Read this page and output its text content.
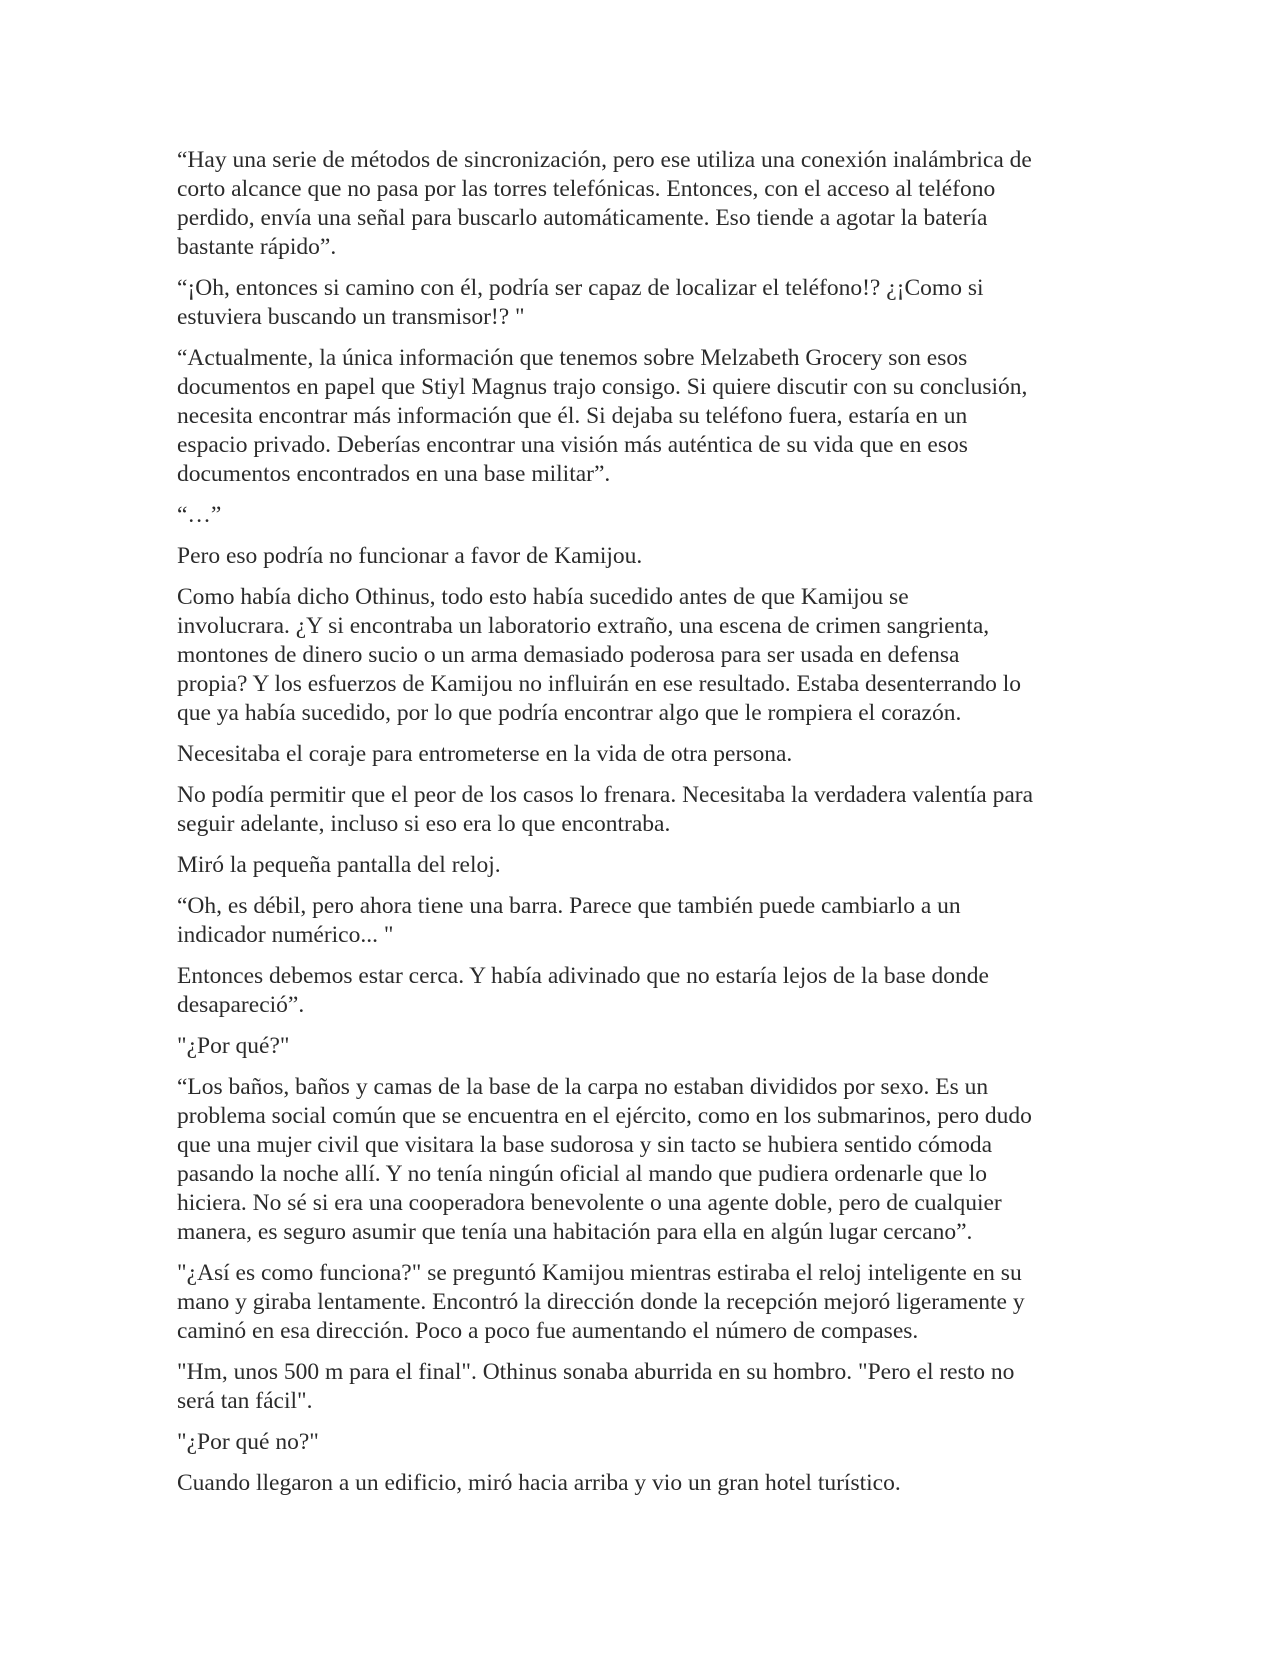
“Hay una serie de métodos de sincronización, pero ese utiliza una conexión inalámbrica de
corto alcance que no pasa por las torres telefónicas. Entonces, con el acceso al teléfono
perdido, envía una señal para buscarlo automáticamente. Eso tiende a agotar la batería
bastante rápido”.

“¡Oh, entonces si camino con él, podría ser capaz de localizar el teléfono!? ¿¡Como si
estuviera buscando un transmisor!? "

“Actualmente, la única información que tenemos sobre Melzabeth Grocery son esos
documentos en papel que Stiyl Magnus trajo consigo. Si quiere discutir con su conclusión,
necesita encontrar más información que él. Si dejaba su teléfono fuera, estaría en un
espacio privado. Deberías encontrar una visión más auténtica de su vida que en esos
documentos encontrados en una base militar”.

“…”

Pero eso podría no funcionar a favor de Kamijou.

Como había dicho Othinus, todo esto había sucedido antes de que Kamijou se
involucrara. ¿Y si encontraba un laboratorio extraño, una escena de crimen sangrienta,
montones de dinero sucio o un arma demasiado poderosa para ser usada en defensa
propia? Y los esfuerzos de Kamijou no influirán en ese resultado. Estaba desenterrando lo
que ya había sucedido, por lo que podría encontrar algo que le rompiera el corazón.

Necesitaba el coraje para entrometerse en la vida de otra persona.

No podía permitir que el peor de los casos lo frenara. Necesitaba la verdadera valentía para
seguir adelante, incluso si eso era lo que encontraba.

Miró la pequeña pantalla del reloj.

“Oh, es débil, pero ahora tiene una barra. Parece que también puede cambiarlo a un
indicador numérico... "

Entonces debemos estar cerca. Y había adivinado que no estaría lejos de la base donde
desapareció”.

"¿Por qué?"

“Los baños, baños y camas de la base de la carpa no estaban divididos por sexo. Es un
problema social común que se encuentra en el ejército, como en los submarinos, pero dudo
que una mujer civil que visitara la base sudorosa y sin tacto se hubiera sentido cómoda
pasando la noche allí. Y no tenía ningún oficial al mando que pudiera ordenarle que lo
hiciera. No sé si era una cooperadora benevolente o una agente doble, pero de cualquier
manera, es seguro asumir que tenía una habitación para ella en algún lugar cercano”.

"¿Así es como funciona?" se preguntó Kamijou mientras estiraba el reloj inteligente en su
mano y giraba lentamente. Encontró la dirección donde la recepción mejoró ligeramente y
caminó en esa dirección. Poco a poco fue aumentando el número de compases.

"Hm, unos 500 m para el final". Othinus sonaba aburrida en su hombro. "Pero el resto no
será tan fácil".

"¿Por qué no?"

Cuando llegaron a un edificio, miró hacia arriba y vio un gran hotel turístico.
